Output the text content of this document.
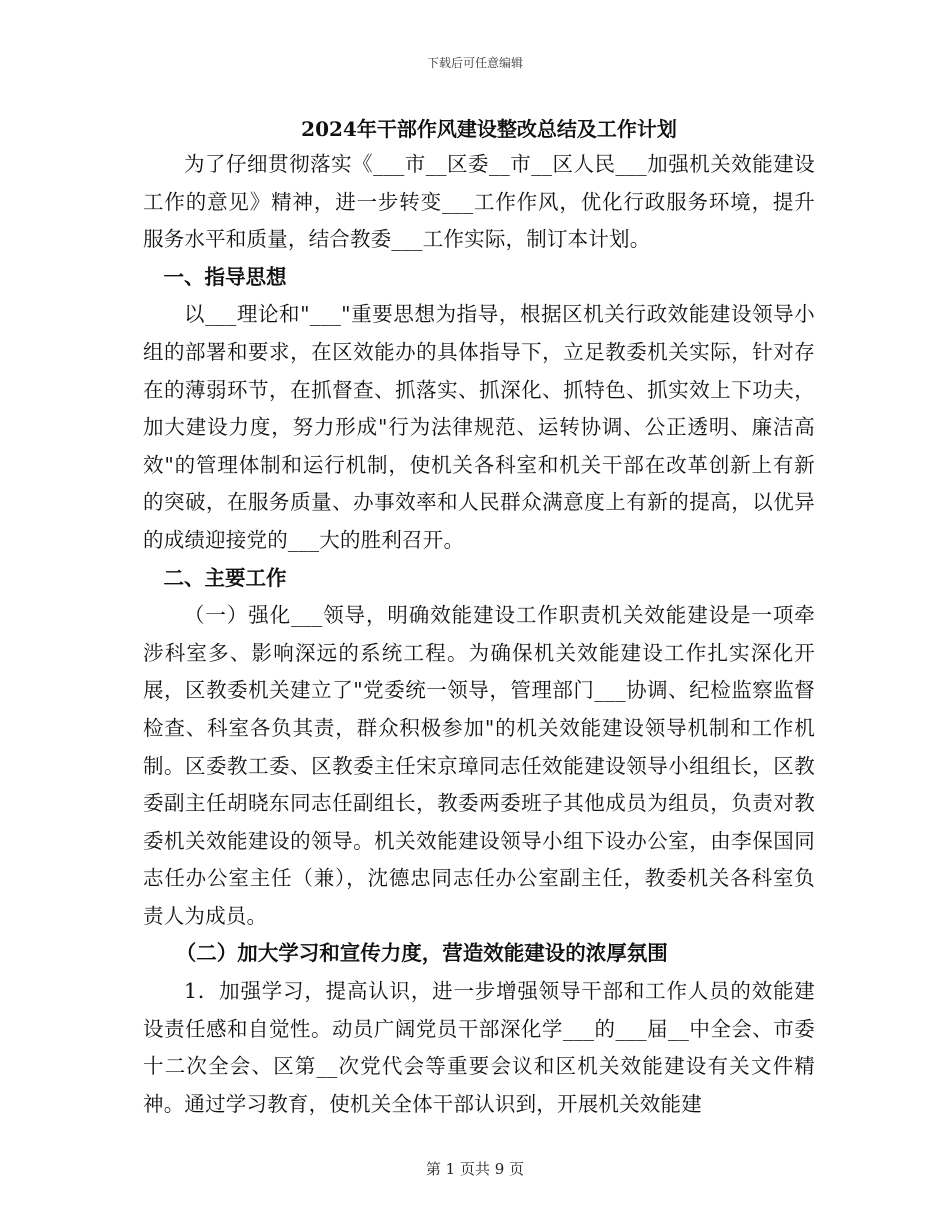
下载后可任意编辑
2024年干部作风建设整改总结及工作计划

为了仔细贯彻落实《___市__区委__市__区人民___加强机关效能建设工作的意见》精神，进一步转变___工作作风，优化行政服务环境，提升服务水平和质量，结合教委___工作实际，制订本计划。

一、指导思想

以___理论和"___"重要思想为指导，根据区机关行政效能建设领导小组的部署和要求，在区效能办的具体指导下，立足教委机关实际，针对存在的薄弱环节，在抓督查、抓落实、抓深化、抓特色、抓实效上下功夫，加大建设力度，努力形成"行为法律规范、运转协调、公正透明、廉洁高效"的管理体制和运行机制，使机关各科室和机关干部在改革创新上有新的突破，在服务质量、办事效率和人民群众满意度上有新的提高，以优异的成绩迎接党的___大的胜利召开。

二、主要工作

（一）强化___领导，明确效能建设工作职责机关效能建设是一项牵涉科室多、影响深远的系统工程。为确保机关效能建设工作扎实深化开展，区教委机关建立了"党委统一领导，管理部门___协调、纪检监察监督检查、科室各负其责，群众积极参加"的机关效能建设领导机制和工作机制。区委教工委、区教委主任宋京璋同志任效能建设领导小组组长，区教委副主任胡晓东同志任副组长，教委两委班子其他成员为组员，负责对教委机关效能建设的领导。机关效能建设领导小组下设办公室，由李保国同志任办公室主任（兼），沈德忠同志任办公室副主任，教委机关各科室负责人为成员。

（二）加大学习和宣传力度，营造效能建设的浓厚氛围

1．加强学习，提高认识，进一步增强领导干部和工作人员的效能建设责任感和自觉性。动员广阔党员干部深化学___的___届__中全会、市委十二次全会、区第__次党代会等重要会议和区机关效能建设有关文件精神。通过学习教育，使机关全体干部认识到，开展机关效能建

第 1 页共 9 页
